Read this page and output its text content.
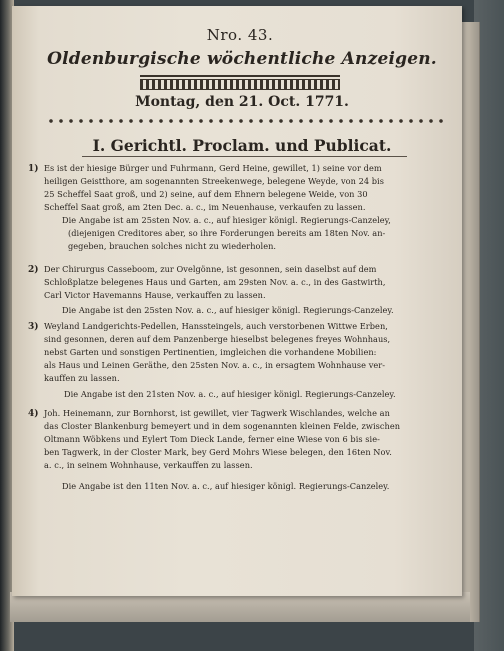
Nro. 43.
Oldenburgische wöchentliche Anzeigen.
Montag, den 21. Oct. 1771.
I. Gerichtl. Proclam. und Publicat.
1) Es ist der hiesige Bürger und Fuhrmann, Gerd Heine, gewillet, 1) seine vor dem
heiligen Geistthore, am sogenannten Streekenwege, belegene Weyde, von 24 bis
25 Scheffel Saat groß, und 2) seine, auf dem Ehnern belegene Weide, von 30
Scheffel Saat groß, am 2ten Dec. a. c., im Neuenhause, verkaufen zu lassen.
Die Angabe ist am 25sten Nov. a. c., auf hiesiger königl. Regierungs-Canzeley,
(diejenigen Creditores aber, so ihre Forderungen bereits am 18ten Nov. an-
gegeben, brauchen solches nicht zu wiederholen.
2) Der Chirurgus Casseboom, zur Ovelgönne, ist gesonnen, sein daselbst auf dem
Schloßplatze belegenes Haus und Garten, am 29sten Nov. a. c., in des Gastwirth,
Carl Victor Havemanns Hause, verkauffen zu lassen.
Die Angabe ist den 25sten Nov. a. c., auf hiesiger königl. Regierungs-Canzeley.
3) Weyland Landgerichts-Pedellen, Hanssteingels, auch verstorbenen Wittwe Erben,
sind gesonnen, deren auf dem Panzenberge hieselbst belegenes freyes Wohnhaus,
nebst Garten und sonstigen Pertinentien, imgleichen die vorhandene Mobilien:
als Haus und Leinen Geräthe, den 25sten Nov. a. c., in ersagtem Wohnhause ver-
kauffen zu lassen.
Die Angabe ist den 21sten Nov. a. c., auf hiesiger königl. Regierungs-Canzeley.
4) Joh. Heinemann, zur Bornhorst, ist gewillet, vier Tagwerk Wischlandes, welche an
das Closter Blankenburg bemeyert und in dem sogenannten kleinen Felde, zwischen
Oltmann Wöbkens und Eylert Tom Dieck Lande, ferner eine Wiese von 6 bis sie-
ben Tagwerk, in der Closter Mark, bey Gerd Mohrs Wiese belegen, den 16ten Nov.
a. c., in seinem Wohnhause, verkauffen zu lassen.
Die Angabe ist den 11ten Nov. a. c., auf hiesiger königl. Regierungs-Canzeley.
